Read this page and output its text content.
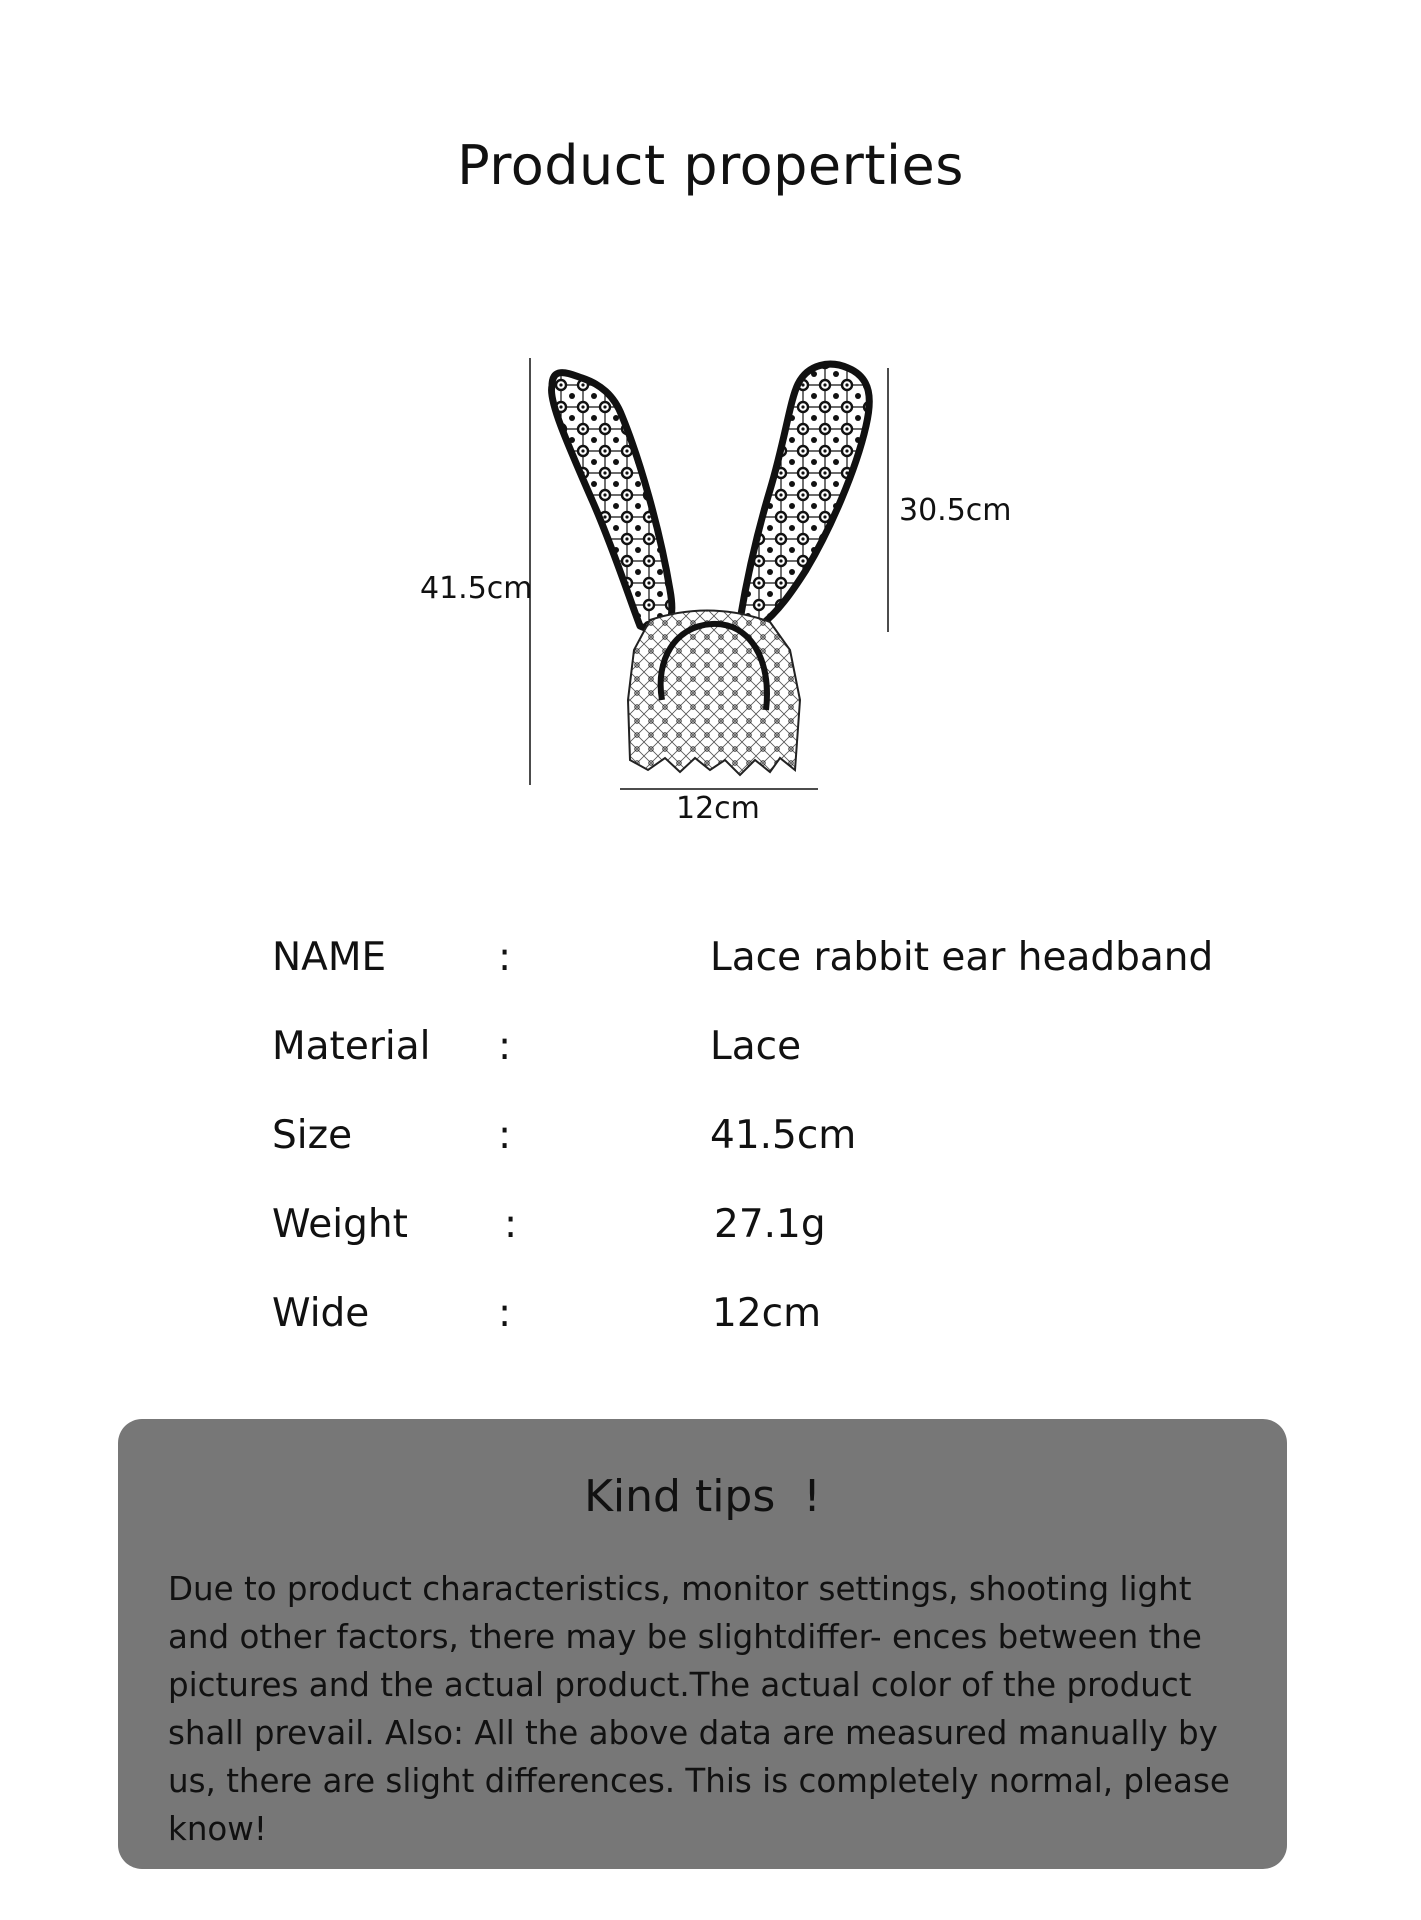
Product properties
41.5cm
30.5cm
12cm
NAME	:	Lace rabbit ear headband
Material :	Lace
Size	:	41.5cm
Weight :	27.1g
Wide	:	12cm
Kind tips  !
Due to product characteristics, monitor settings, shooting light and other factors, there may be slightdiffer- ences between the pictures and the actual product.The actual color of the product shall prevail. Also: All the above data are measured manually by us, there are slight differences. This is completely normal, please know!
